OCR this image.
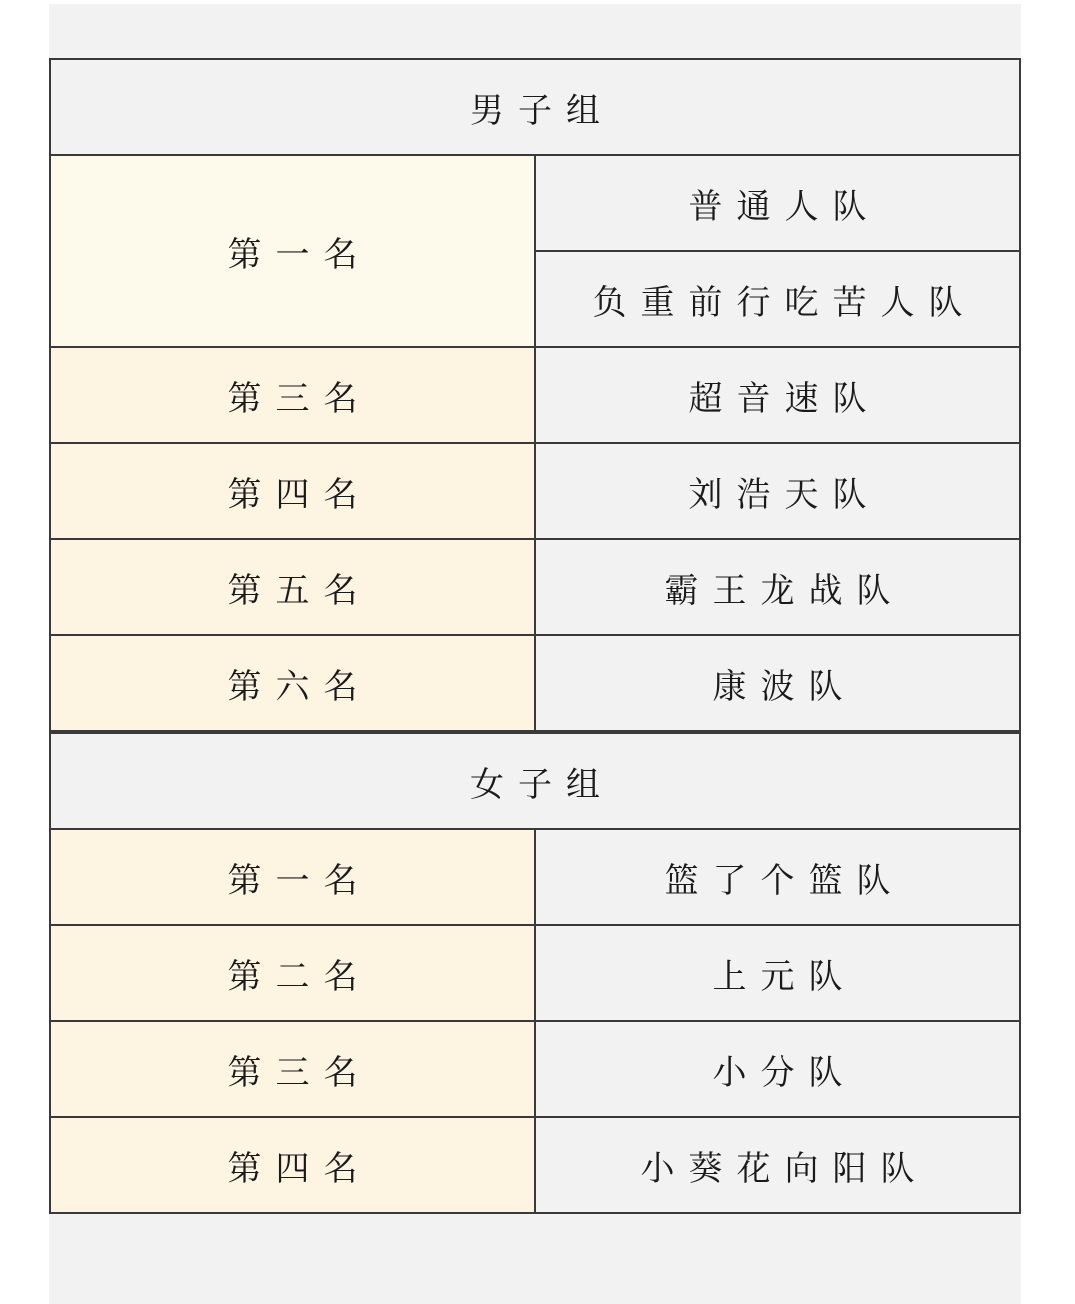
男子组	
第一名	普通人队
	负重前行吃苦人队
第三名	超音速队
第四名	刘浩天队
第五名	霸王龙战队
第六名	康波队
女子组	
第一名	篮了个篮队
第二名	上元队
第三名	小分队
第四名	小葵花向阳队
